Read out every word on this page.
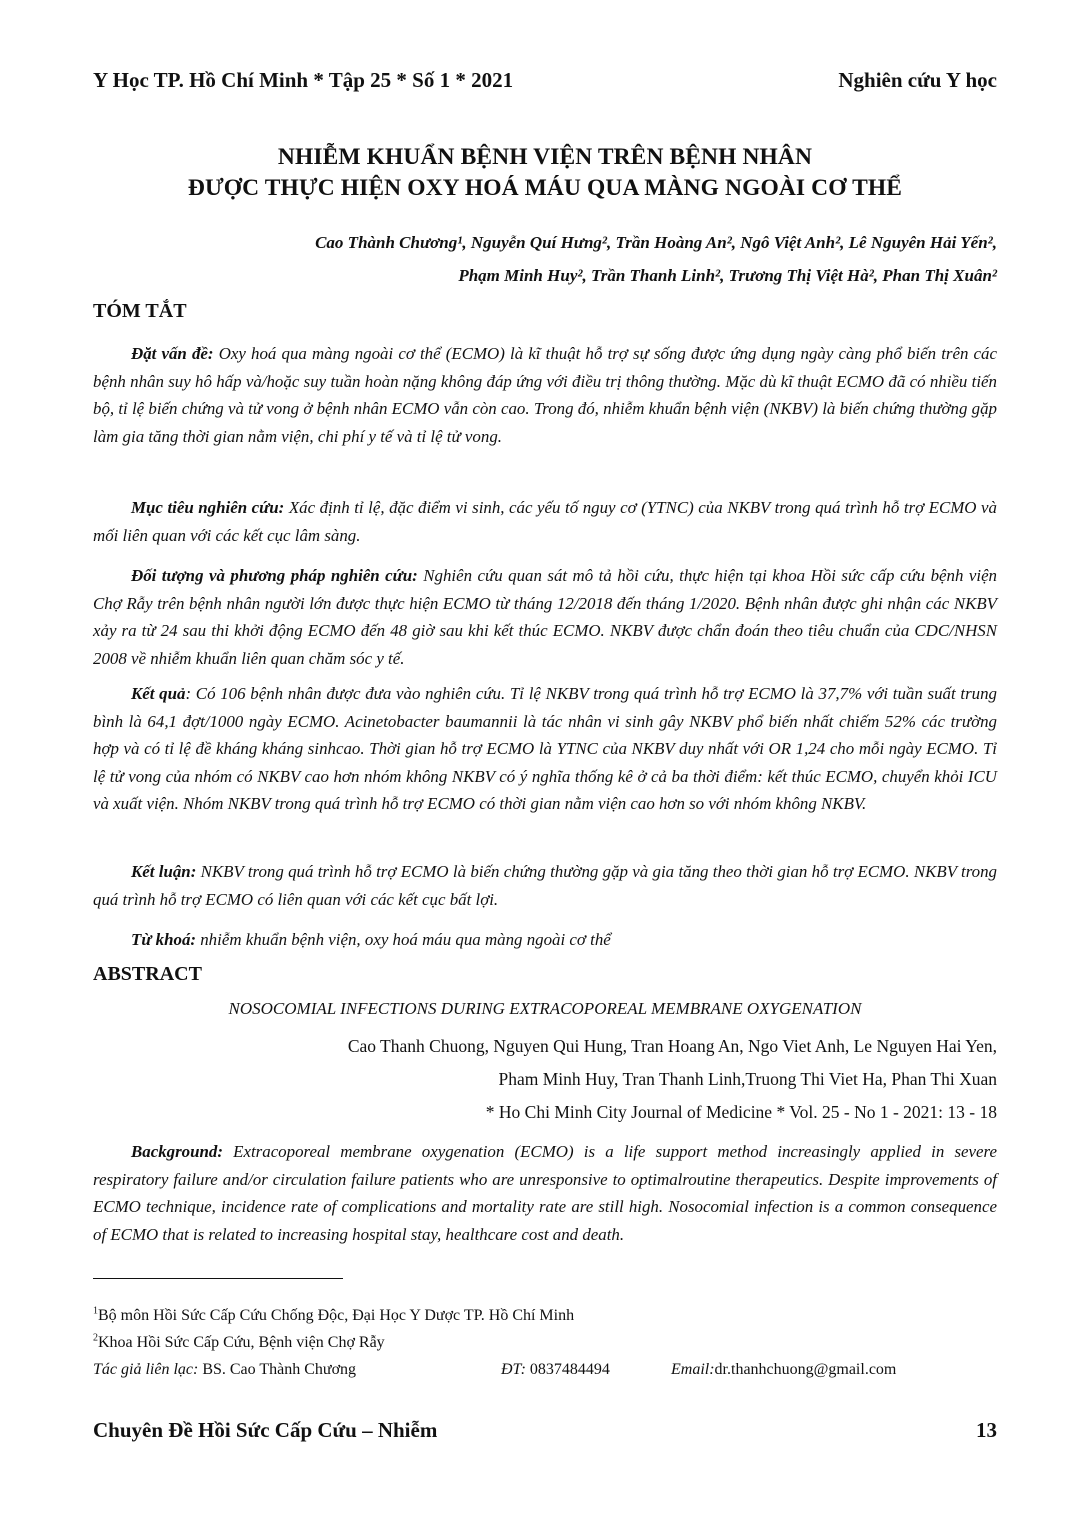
Y Học TP. Hồ Chí Minh * Tập 25 * Số 1 * 2021	Nghiên cứu Y học
NHIỄM KHUẨN BỆNH VIỆN TRÊN BỆNH NHÂN
ĐƯỢC THỰC HIỆN OXY HOÁ MÁU QUA MÀNG NGOÀI CƠ THỂ
Cao Thành Chương¹, Nguyễn Quí Hưng², Trần Hoàng An², Ngô Việt Anh², Lê Nguyên Hải Yến²,
Phạm Minh Huy², Trần Thanh Linh², Trương Thị Việt Hà², Phan Thị Xuân²
TÓM TẮT

Đặt vấn đề: Oxy hoá qua màng ngoài cơ thể (ECMO) là kĩ thuật hỗ trợ sự sống được ứng dụng ngày càng phổ biến trên các bệnh nhân suy hô hấp và/hoặc suy tuần hoàn nặng không đáp ứng với điều trị thông thường. Mặc dù kĩ thuật ECMO đã có nhiều tiến bộ, tỉ lệ biến chứng và tử vong ở bệnh nhân ECMO vẫn còn cao. Trong đó, nhiễm khuẩn bệnh viện (NKBV) là biến chứng thường gặp làm gia tăng thời gian nằm viện, chi phí y tế và tỉ lệ tử vong.

Mục tiêu nghiên cứu: Xác định tỉ lệ, đặc điểm vi sinh, các yếu tố nguy cơ (YTNC) của NKBV trong quá trình hỗ trợ ECMO và mối liên quan với các kết cục lâm sàng.

Đối tượng và phương pháp nghiên cứu: Nghiên cứu quan sát mô tả hồi cứu, thực hiện tại khoa Hồi sức cấp cứu bệnh viện Chợ Rẫy trên bệnh nhân người lớn được thực hiện ECMO từ tháng 12/2018 đến tháng 1/2020. Bệnh nhân được ghi nhận các NKBV xảy ra từ 24 sau thi khởi động ECMO đến 48 giờ sau khi kết thúc ECMO. NKBV được chẩn đoán theo tiêu chuẩn của CDC/NHSN 2008 về nhiễm khuẩn liên quan chăm sóc y tế.

Kết quả: Có 106 bệnh nhân được đưa vào nghiên cứu. Tỉ lệ NKBV trong quá trình hỗ trợ ECMO là 37,7% với tuần suất trung bình là 64,1 đợt/1000 ngày ECMO. Acinetobacter baumannii là tác nhân vi sinh gây NKBV phổ biến nhất chiếm 52% các trường hợp và có tỉ lệ đề kháng kháng sinhcao. Thời gian hỗ trợ ECMO là YTNC của NKBV duy nhất với OR 1,24 cho mỗi ngày ECMO. Tỉ lệ tử vong của nhóm có NKBV cao hơn nhóm không NKBV có ý nghĩa thống kê ở cả ba thời điểm: kết thúc ECMO, chuyển khỏi ICU và xuất viện. Nhóm NKBV trong quá trình hỗ trợ ECMO có thời gian nằm viện cao hơn so với nhóm không NKBV.

Kết luận: NKBV trong quá trình hỗ trợ ECMO là biến chứng thường gặp và gia tăng theo thời gian hỗ trợ ECMO. NKBV trong quá trình hỗ trợ ECMO có liên quan với các kết cục bất lợi.

Từ khoá: nhiễm khuẩn bệnh viện, oxy hoá máu qua màng ngoài cơ thể

ABSTRACT
NOSOCOMIAL INFECTIONS DURING EXTRACOPOREAL MEMBRANE OXYGENATION
Cao Thanh Chuong, Nguyen Qui Hung, Tran Hoang An, Ngo Viet Anh, Le Nguyen Hai Yen,
Pham Minh Huy, Tran Thanh Linh,Truong Thi Viet Ha, Phan Thi Xuan
* Ho Chi Minh City Journal of Medicine * Vol. 25 - No 1 - 2021: 13 - 18

Background: Extracoporeal membrane oxygenation (ECMO) is a life support method increasingly applied in severe respiratory failure and/or circulation failure patients who are unresponsive to optimalroutine therapeutics. Despite improvements of ECMO technique, incidence rate of complications and mortality rate are still high. Nosocomial infection is a common consequence of ECMO that is related to increasing hospital stay, healthcare cost and death.

$^1$Bộ môn Hồi Sức Cấp Cứu Chống Độc, Đại Học Y Dược TP. Hồ Chí Minh
$^2$Khoa Hồi Sức Cấp Cứu, Bệnh viện Chợ Rẫy
Tác giả liên lạc: BS. Cao Thành Chương	ĐT: 0837484494	Email:dr.thanhchuong@gmail.com
Chuyên Đề Hồi Sức Cấp Cứu – Nhiễm	13
